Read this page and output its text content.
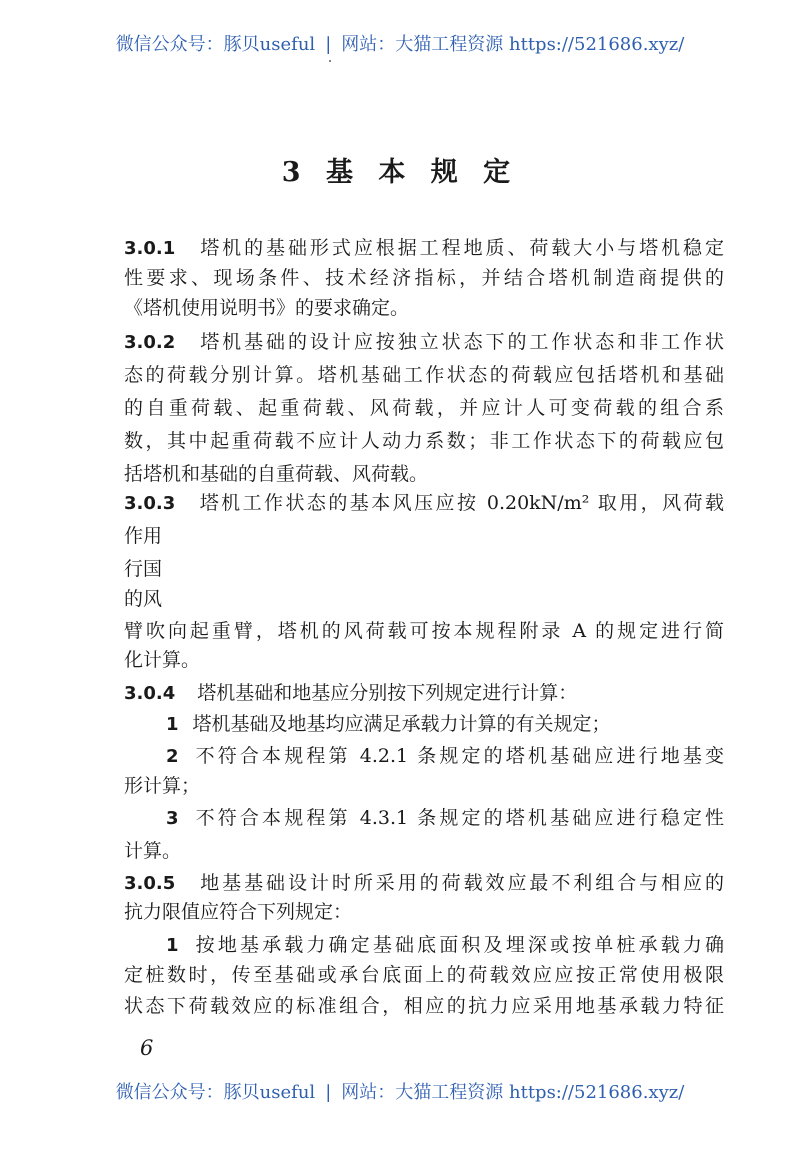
微信公众号：豚贝useful | 网站：大猫工程资源 https://521686.xyz/
3 基 本 规 定
3.0.1 塔机的基础形式应根据工程地质、荷载大小与塔机稳定
性要求、现场条件、技术经济指标，并结合塔机制造商提供的
《塔机使用说明书》的要求确定。
3.0.2 塔机基础的设计应按独立状态下的工作状态和非工作状
态的荷载分别计算。塔机基础工作状态的荷载应包括塔机和基础
的自重荷载、起重荷载、风荷载，并应计人可变荷载的组合系
数，其中起重荷载不应计人动力系数；非工作状态下的荷载应包
括塔机和基础的自重荷载、风荷载。
3.0.3 塔机工作状态的基本风压应按 0.20kN/m² 取用，风荷载
作用
行国
的风
臂吹向起重臂，塔机的风荷载可按本规程附录 A 的规定进行简
化计算。
3.0.4 塔机基础和地基应分别按下列规定进行计算：
1 塔机基础及地基均应满足承载力计算的有关规定；
2 不符合本规程第 4.2.1 条规定的塔机基础应进行地基变
形计算；
3 不符合本规程第 4.3.1 条规定的塔机基础应进行稳定性
计算。
3.0.5 地基基础设计时所采用的荷载效应最不利组合与相应的
抗力限值应符合下列规定：
1 按地基承载力确定基础底面积及埋深或按单桩承载力确
定桩数时，传至基础或承台底面上的荷载效应应按正常使用极限
状态下荷载效应的标准组合，相应的抗力应采用地基承载力特征
6
微信公众号：豚贝useful | 网站：大猫工程资源 https://521686.xyz/
